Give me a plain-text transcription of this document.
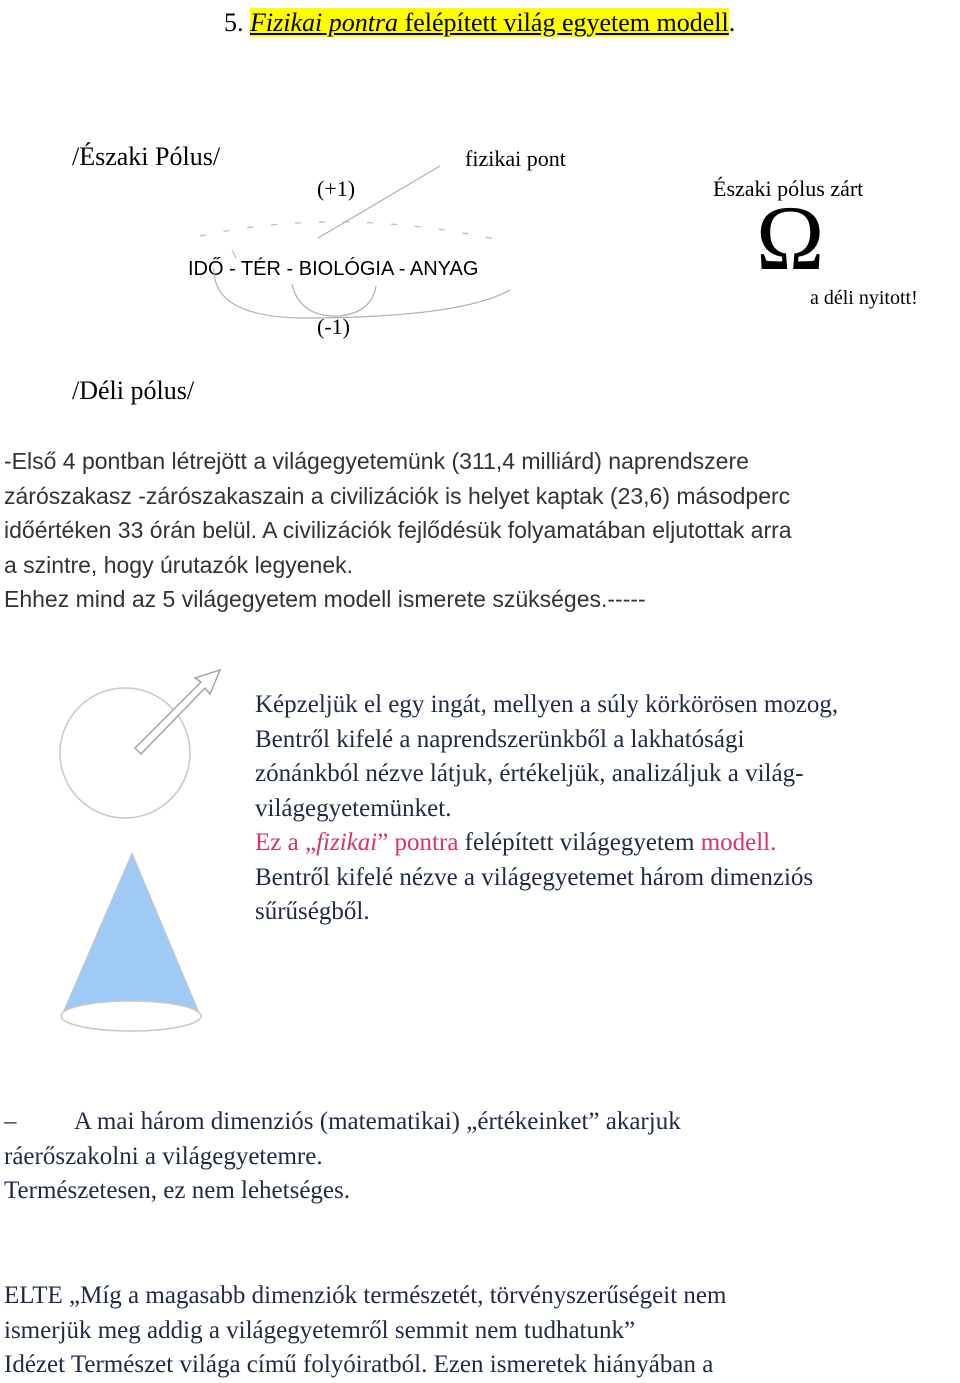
5. Fizikai pontra felépített világ egyetem modell.
/Északi Pólus/	fizikai pont
(+1)	Északi pólus zárt
Ω
IDŐ - TÉR - BIOLÓGIA - ANYAG
a déli nyitott!
(-1)
/Déli pólus/
-Első 4 pontban létrejött a világegyetemünk (311,4 milliárd) naprendszere
zárószakasz -zárószakaszain a civilizációk is helyet kaptak (23,6) másodperc
időértéken 33 órán belül. A civilizációk fejlődésük folyamatában eljutottak arra
a szintre, hogy úrutazók legyenek.
Ehhez mind az 5 világegyetem modell ismerete szükséges.-----
Képzeljük el egy ingát, mellyen a súly körkörösen mozog,
Bentről kifelé a naprendszerünkből a lakhatósági
zónánkból nézve látjuk, értékeljük, analizáljuk a világ-
világegyetemünket.
Ez a „fizikai” pontra felépített világegyetem modell.
Bentről kifelé nézve a világegyetemet három dimenziós
sűrűségből.
– A mai három dimenziós (matematikai) „értékeinket” akarjuk
ráerőszakolni a világegyetemre.
Természetesen, ez nem lehetséges.
ELTE „Míg a magasabb dimenziók természetét, törvényszerűségeit nem
ismerjük meg addig a világegyetemről semmit nem tudhatunk”
Idézet Természet világa című folyóiratból. Ezen ismeretek hiányában a
